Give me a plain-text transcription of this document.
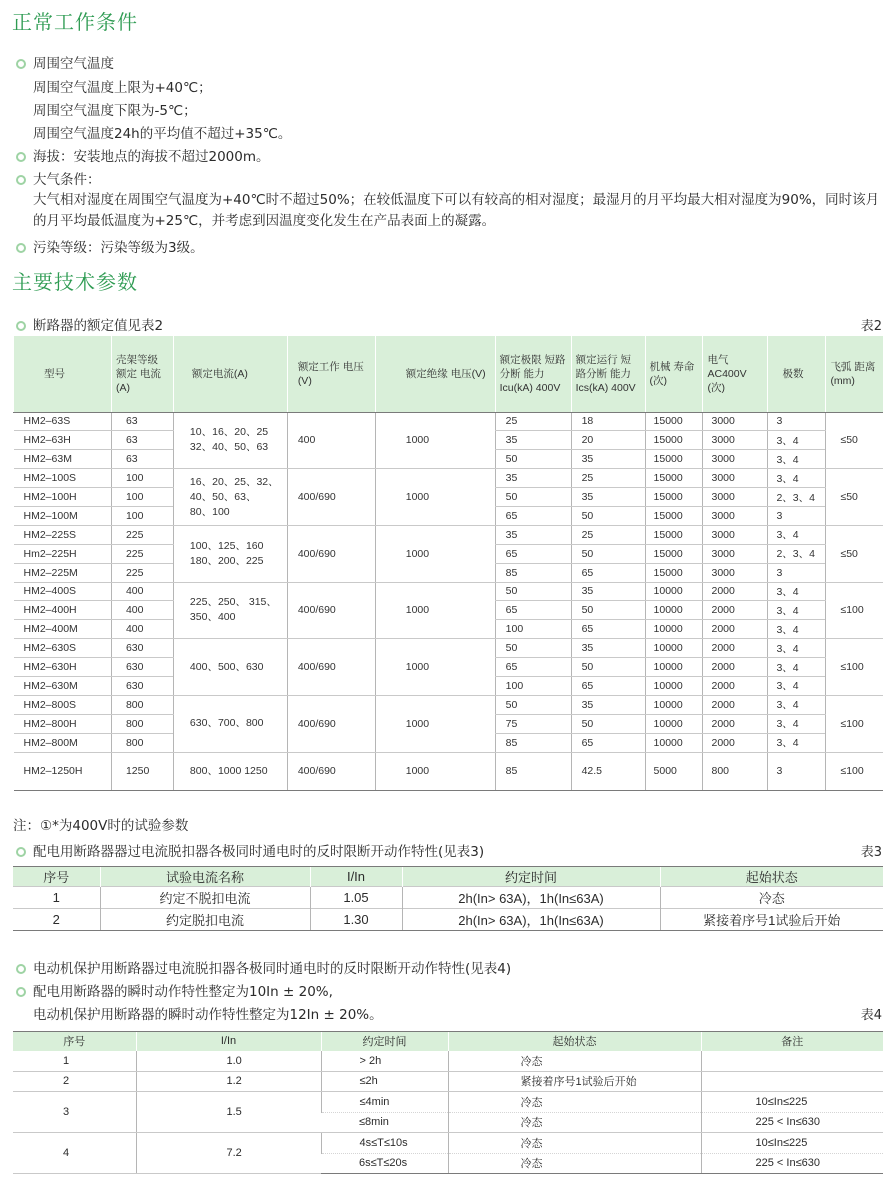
正常工作条件
周围空气温度
周围空气温度上限为+40℃；
周围空气温度下限为-5℃；
周围空气温度24h的平均值不超过+35℃。
海拔：安装地点的海拔不超过2000m。
大气条件：
大气相对湿度在周围空气温度为+40℃时不超过50%；在较低温度下可以有较高的相对湿度；最湿月的月平均最大相对湿度为90%，同时该月的月平均最低温度为+25℃，并考虑到因温度变化发生在产品表面上的凝露。
污染等级：污染等级为3级。
主要技术参数
断路器的额定值见表2	表2
型号	壳架等级 额定 电流(A)	额定电流(A)	额定工作 电压(V)	额定绝缘 电压(V)	额定极限 短路分断 能力 Icu(kA) 400V	额定运行 短路分断 能力 Ics(kA) 400V	机械 寿命 (次)	电气 AC400V (次)	极数	飞弧 距离 (mm)
HM2–63S	63	10、16、20、25 32、40、50、63	400	1000	25	18	15000	3000	3	≤50
HM2–63H	63				35	20	15000	3000	3、4	
HM2–63M	63				50	35	15000	3000	3、4	
HM2–100S	100	16、20、25、32、 40、50、63、 80、100	400/690	1000	35	25	15000	3000	3、4	≤50
HM2–100H	100				50	35	15000	3000	2、3、4	
HM2–100M	100				65	50	15000	3000	3	
HM2–225S	225	100、125、160 180、200、225	400/690	1000	35	25	15000	3000	3、4	≤50
Hm2–225H	225				65	50	15000	3000	2、3、4	
HM2–225M	225				85	65	15000	3000	3	
HM2–400S	400	225、250、 315、350、400	400/690	1000	50	35	10000	2000	3、4	≤100
HM2–400H	400				65	50	10000	2000	3、4	
HM2–400M	400				100	65	10000	2000	3、4	
HM2–630S	630	400、500、630	400/690	1000	50	35	10000	2000	3、4	≤100
HM2–630H	630				65	50	10000	2000	3、4	
HM2–630M	630				100	65	10000	2000	3、4	
HM2–800S	800	630、700、800	400/690	1000	50	35	10000	2000	3、4	≤100
HM2–800H	800				75	50	10000	2000	3、4	
HM2–800M	800				85	65	10000	2000	3、4	
HM2–1250H	1250	800、1000 1250	400/690	1000	85	42.5	5000	800	3	≤100
注：①*为400V时的试验参数
配电用断路器器过电流脱扣器各极同时通电时的反时限断开动作特性(见表3)	表3
序号	试验电流名称	I/In	约定时间	起始状态
1	约定不脱扣电流	1.05	2h(In> 63A)，1h(In≤63A)	冷态
2	约定脱扣电流	1.30	2h(In> 63A)，1h(In≤63A)	紧接着序号1试验后开始
电动机保护用断路器过电流脱扣器各极同时通电时的反时限断开动作特性(见表4)
配电用断路器的瞬时动作特性整定为10In ± 20%,
电动机保护用断路器的瞬时动作特性整定为12In ± 20%。	表4
序号	I/In	约定时间	起始状态	备注
1	1.0	> 2h	冷态	
2	1.2	≤2h	紧接着序号1试验后开始	
3	1.5	≤4min	冷态	10≤In≤225
		≤8min	冷态	225 < In≤630
4	7.2	4s≤T≤10s	冷态	10≤In≤225
		6s≤T≤20s	冷态	225 < In≤630
